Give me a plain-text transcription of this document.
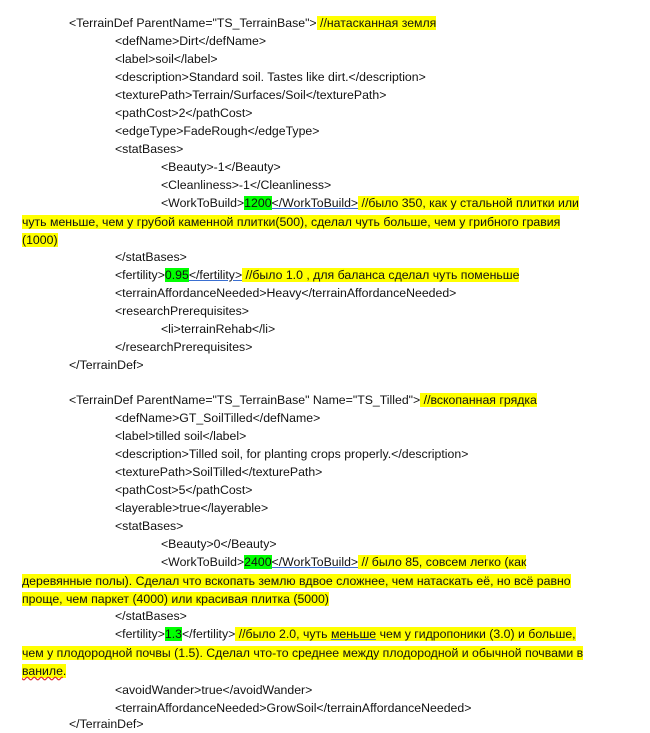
<TerrainDef ParentName="TS_TerrainBase"> //натасканная земля
<defName>Dirt</defName>
<label>soil</label>
<description>Standard soil. Tastes like dirt.</description>
<texturePath>Terrain/Surfaces/Soil</texturePath>
<pathCost>2</pathCost>
<edgeType>FadeRough</edgeType>
<statBases>
<Beauty>-1</Beauty>
<Cleanliness>-1</Cleanliness>
<WorkToBuild>1200</WorkToBuild> //было 350, как у стальной плитки или
чуть меньше, чем у грубой каменной плитки(500), сделал чуть больше, чем у грибного гравия
(1000)
</statBases>
<fertility>0.95</fertility> //было 1.0 , для баланса сделал чуть поменьше
<terrainAffordanceNeeded>Heavy</terrainAffordanceNeeded>
<researchPrerequisites>
<li>terrainRehab</li>
</researchPrerequisites>
</TerrainDef>
<TerrainDef ParentName="TS_TerrainBase" Name="TS_Tilled"> //вскопанная грядка
<defName>GT_SoilTilled</defName>
<label>tilled soil</label>
<description>Tilled soil, for planting crops properly.</description>
<texturePath>SoilTilled</texturePath>
<pathCost>5</pathCost>
<layerable>true</layerable>
<statBases>
<Beauty>0</Beauty>
<WorkToBuild>2400</WorkToBuild> // было 85, совсем легко (как
деревянные полы). Сделал что вскопать землю вдвое сложнее, чем натаскать её, но всё равно
проще, чем паркет (4000) или красивая плитка (5000)
</statBases>
<fertility>1.3</fertility> //было 2.0, чуть меньше чем у гидропоники (3.0) и больше,
чем у плодородной почвы (1.5). Сделал что-то среднее между плодородной и обычной почвами в
ваниле.
<avoidWander>true</avoidWander>
<terrainAffordanceNeeded>GrowSoil</terrainAffordanceNeeded>
</TerrainDef>
